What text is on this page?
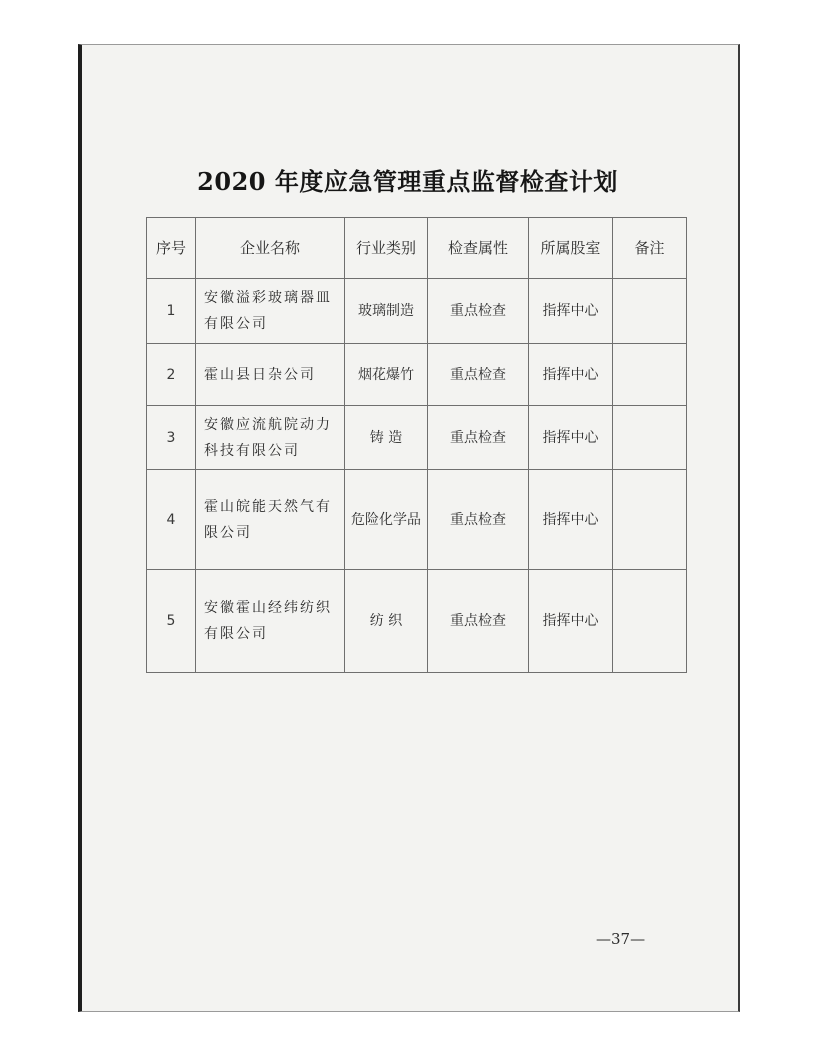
2020 年度应急管理重点监督检查计划
序号	企业名称	行业类别	检查属性	所属股室	备注
1	安徽溢彩玻璃器皿有限公司	玻璃制造	重点检查	指挥中心	
2	霍山县日杂公司	烟花爆竹	重点检查	指挥中心	
3	安徽应流航院动力科技有限公司	铸 造	重点检查	指挥中心	
4	霍山皖能天然气有限公司	危险化学品	重点检查	指挥中心	
5	安徽霍山经纬纺织有限公司	纺 织	重点检查	指挥中心	
—37—
